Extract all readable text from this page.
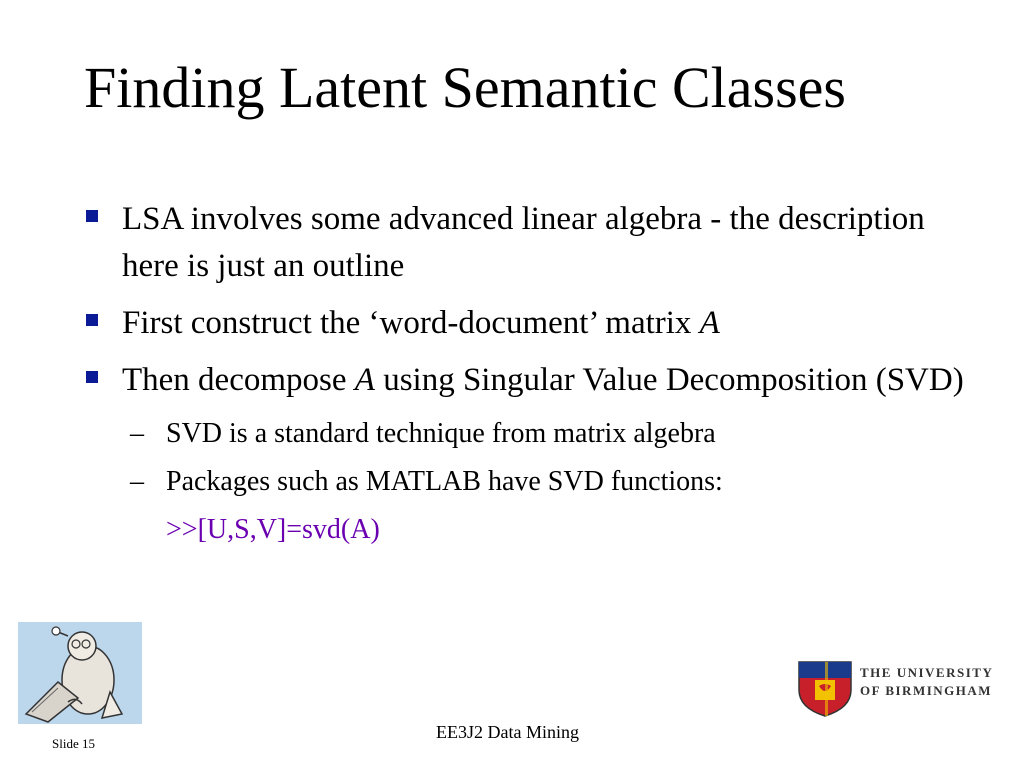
Finding Latent Semantic Classes
LSA involves some advanced linear algebra - the description here is just an outline
First construct the ‘word-document’ matrix A
Then decompose A using Singular Value Decomposition (SVD)
– SVD is a standard technique from matrix algebra
– Packages such as MATLAB have SVD functions:
>>[U,S,V]=svd(A)
EE3J2 Data Mining
Slide 15
THE UNIVERSITY
OF BIRMINGHAM
